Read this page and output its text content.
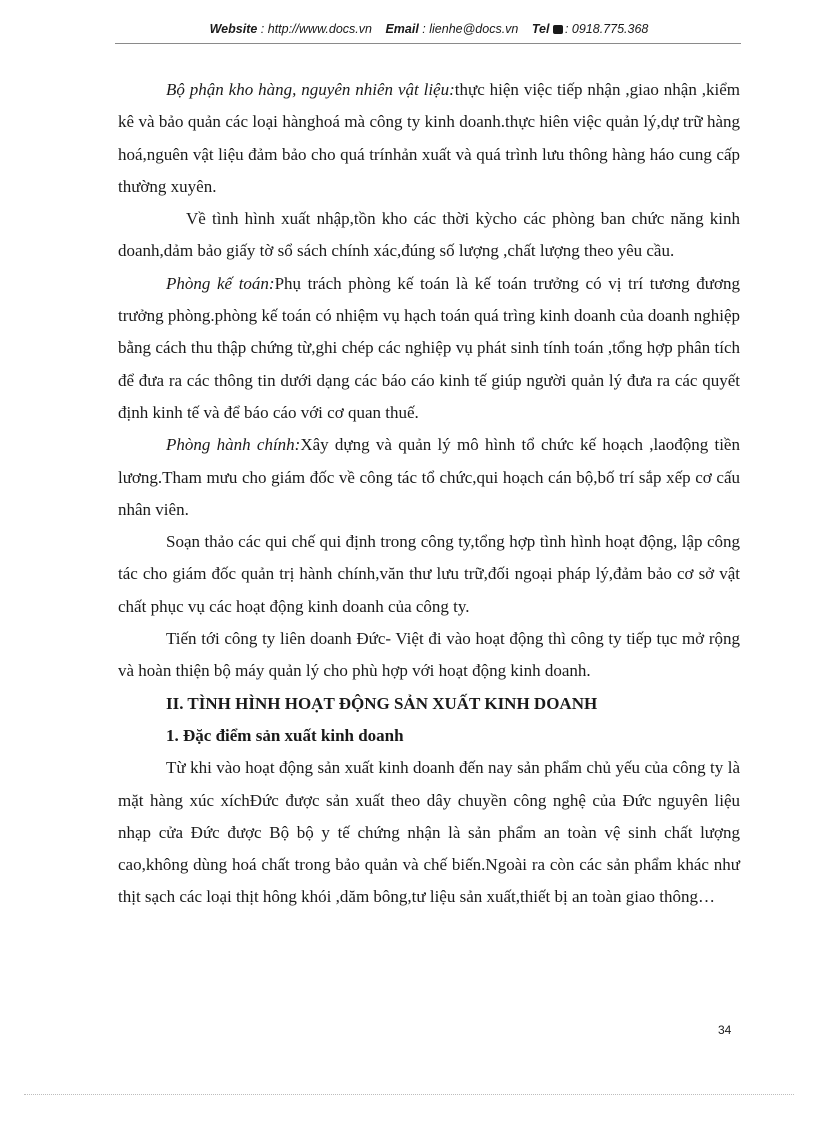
Website : http://www.docs.vn Email : lienhe@docs.vn Tel : 0918.775.368

Bộ phận kho hàng, nguyên nhiên vật liệu:thực hiện việc tiếp nhận ,giao nhận ,kiểm kê và bảo quản các loại hànghoá mà công ty kinh doanh.thực hiên việc quản lý,dự trữ hàng hoá,nguên vật liệu đảm bảo cho quá trínhản xuất và quá trình lưu thông hàng háo cung cấp thường xuyên.

Về tình hình xuất nhập,tồn kho các thời kỳcho các phòng ban chức năng kinh doanh,dảm bảo giấy tờ sổ sách chính xác,đúng số lượng ,chất lượng theo yêu cầu.

Phòng kế toán:Phụ trách phòng kế toán là kế toán trưởng có vị trí tương đương trưởng phòng.phòng kế toán có nhiệm vụ hạch toán quá trìng kinh doanh của doanh nghiệp bằng cách thu thập chứng từ,ghi chép các nghiệp vụ phát sinh tính toán ,tổng hợp phân tích để đưa ra các thông tin dưới dạng các báo cáo kinh tế giúp người quản lý đưa ra các quyết định kinh tế và để báo cáo với cơ quan thuế.

Phòng hành chính:Xây dựng và quản lý mô hình tổ chức kế hoạch ,laođộng tiền lương.Tham mưu cho giám đốc về công tác tổ chức,qui hoạch cán bộ,bố trí sắp xếp cơ cấu nhân viên.

Soạn thảo các qui chế qui định trong công ty,tổng hợp tình hình hoạt động, lập công tác cho giám đốc quản trị hành chính,văn thư lưu trữ,đối ngoại pháp lý,đảm bảo cơ sở vật chất phục vụ các hoạt động kinh doanh của công ty.

Tiến tới công ty liên doanh Đức- Việt đi vào hoạt động thì công ty tiếp tục mở rộng và hoàn thiện bộ máy quản lý cho phù hợp với hoạt động kinh doanh.

II. TÌNH HÌNH HOẠT ĐỘNG SẢN XUẤT KINH DOANH

1. Đặc điểm sản xuất kinh doanh

Từ khi vào hoạt động sản xuất kinh doanh đến nay sản phẩm chủ yếu của công ty là mặt hàng xúc xíchĐức được sản xuất theo dây chuyền công nghệ của Đức nguyên liệu nhạp cửa Đức được Bộ bộ y tế chứng nhận là sản phẩm an toàn vệ sinh chất lượng cao,không dùng hoá chất trong bảo quản và chế biến.Ngoài ra còn các sản phẩm khác như thịt sạch các loại thịt hông khói ,dăm bông,tư liệu sản xuất,thiết bị an toàn giao thông…

34
